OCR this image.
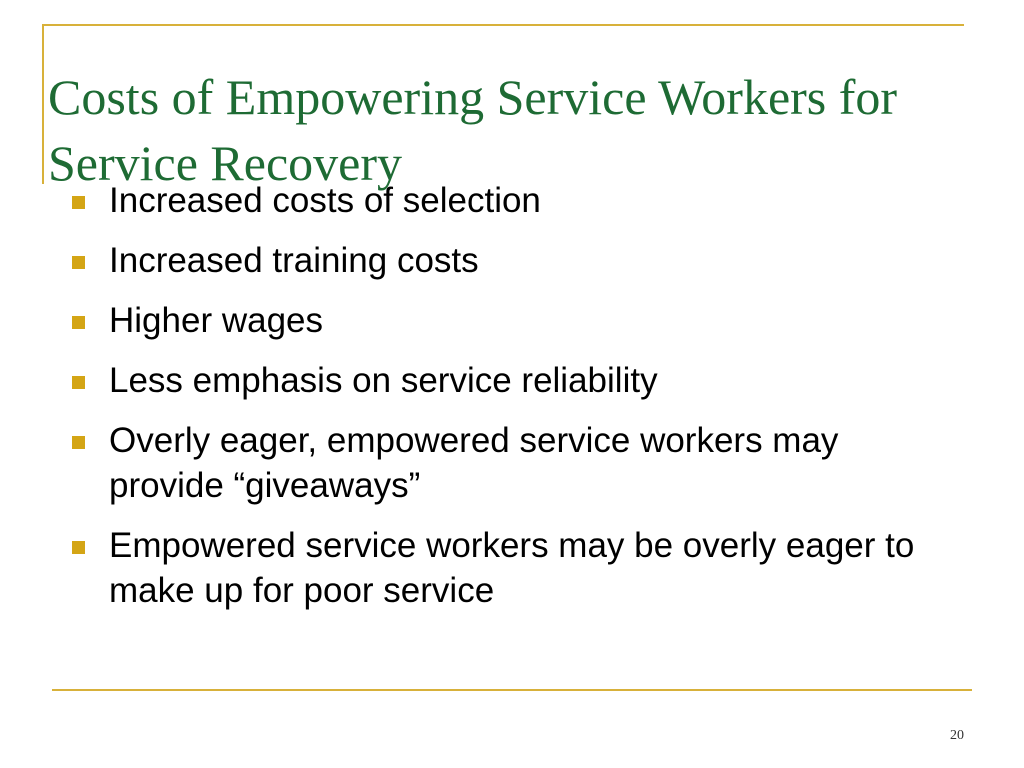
Costs of Empowering Service Workers for Service Recovery
Increased costs of selection
Increased training costs
Higher wages
Less emphasis on service reliability
Overly eager, empowered service workers may provide “giveaways”
Empowered service workers may be overly eager to make up for poor service
20
